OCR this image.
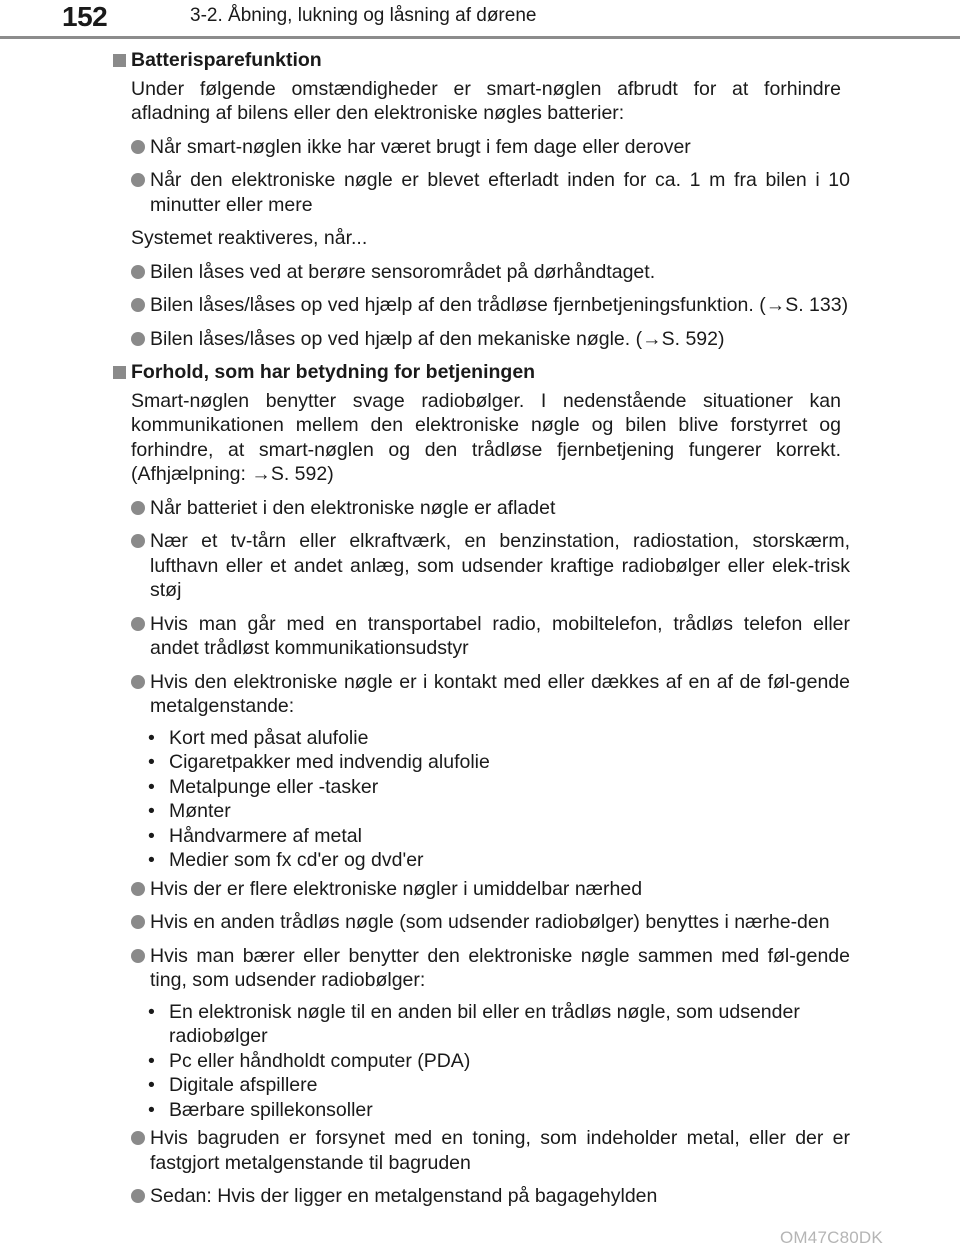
152	3-2. Åbning, lukning og låsning af dørene
Batterisparefunktion
Under følgende omstændigheder er smart-nøglen afbrudt for at forhindre afladning af bilens eller den elektroniske nøgles batterier:
Når smart-nøglen ikke har været brugt i fem dage eller derover
Når den elektroniske nøgle er blevet efterladt inden for ca. 1 m fra bilen i 10 minutter eller mere
Systemet reaktiveres, når...
Bilen låses ved at berøre sensorområdet på dørhåndtaget.
Bilen låses/låses op ved hjælp af den trådløse fjernbetjeningsfunktion. (→S. 133)
Bilen låses/låses op ved hjælp af den mekaniske nøgle. (→S. 592)
Forhold, som har betydning for betjeningen
Smart-nøglen benytter svage radiobølger. I nedenstående situationer kan kommunikationen mellem den elektroniske nøgle og bilen blive forstyrret og forhindre, at smart-nøglen og den trådløse fjernbetjening fungerer korrekt. (Afhjælpning: →S. 592)
Når batteriet i den elektroniske nøgle er afladet
Nær et tv-tårn eller elkraftværk, en benzinstation, radiostation, storskærm, lufthavn eller et andet anlæg, som udsender kraftige radiobølger eller elek-trisk støj
Hvis man går med en transportabel radio, mobiltelefon, trådløs telefon eller andet trådløst kommunikationsudstyr
Hvis den elektroniske nøgle er i kontakt med eller dækkes af en af de føl-gende metalgenstande:
• Kort med påsat alufolie
• Cigaretpakker med indvendig alufolie
• Metalpunge eller -tasker
• Mønter
• Håndvarmere af metal
• Medier som fx cd'er og dvd'er
Hvis der er flere elektroniske nøgler i umiddelbar nærhed
Hvis en anden trådløs nøgle (som udsender radiobølger) benyttes i nærhe-den
Hvis man bærer eller benytter den elektroniske nøgle sammen med føl-gende ting, som udsender radiobølger:
• En elektronisk nøgle til en anden bil eller en trådløs nøgle, som udsender radiobølger
• Pc eller håndholdt computer (PDA)
• Digitale afspillere
• Bærbare spillekonsoller
Hvis bagruden er forsynet med en toning, som indeholder metal, eller der er fastgjort metalgenstande til bagruden
Sedan: Hvis der ligger en metalgenstand på bagagehylden
OM47C80DK
